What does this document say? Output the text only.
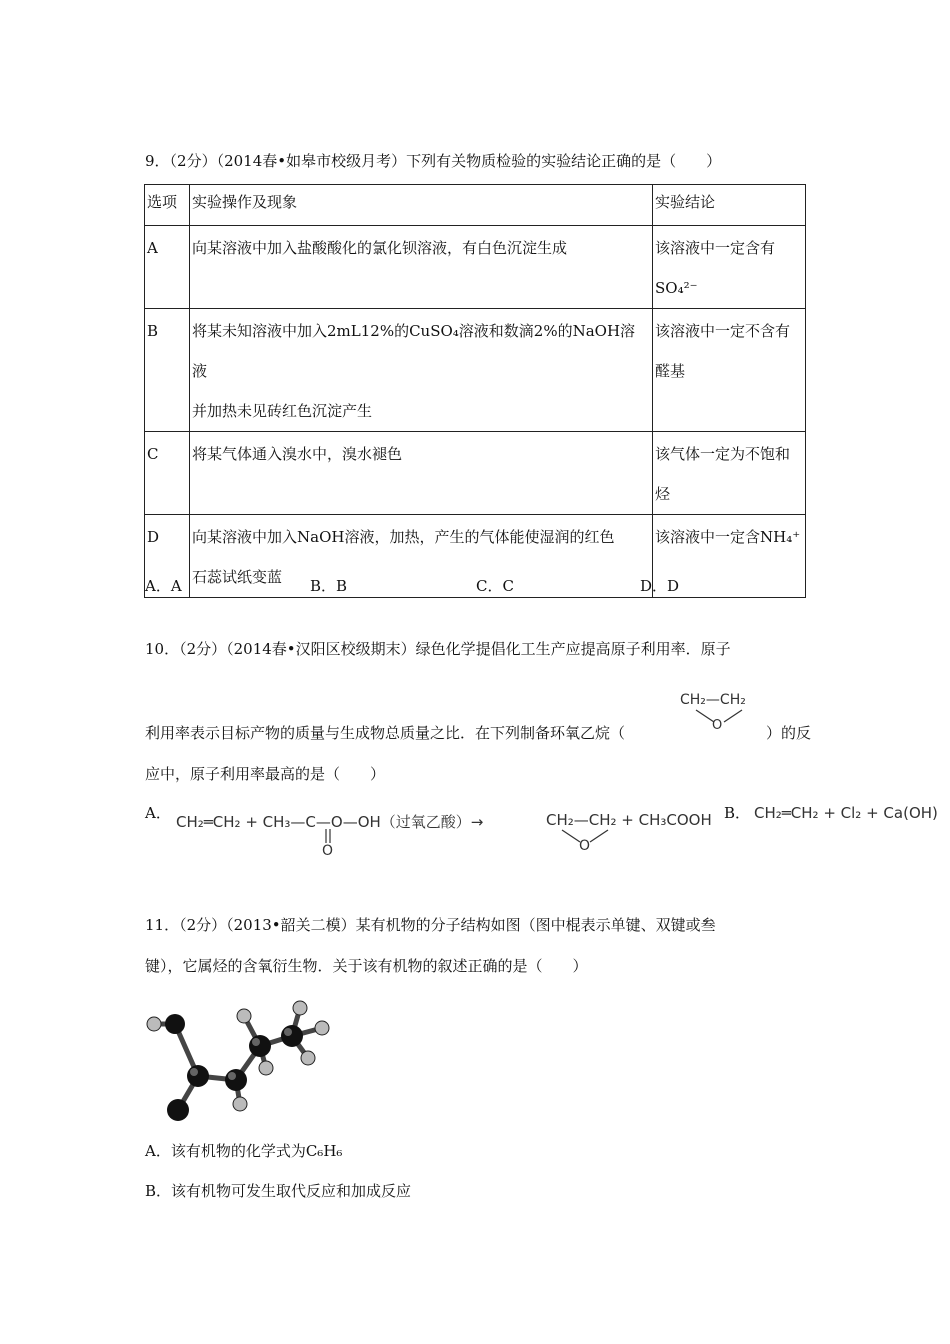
9．（2分）（2014春•如皋市校级月考）下列有关物质检验的实验结论正确的是（　　）
选项	实验操作及现象	实验结论
A	向某溶液中加入盐酸酸化的氯化钡溶液，有白色沉淀生成	该溶液中一定含有
SO₄²⁻

B	将某未知溶液中加入2mL12%的CuSO₄溶液和数滴2%的NaOH溶液
并加热未见砖红色沉淀产生	该溶液中一定不含有
醛基

C	将某气体通入溴水中，溴水褪色	该气体一定为不饱和
烃

D	向某溶液中加入NaOH溶液，加热，产生的气体能使湿润的红色
石蕊试纸变蓝	该溶液中一定含NH₄⁺
A．A	B．B	C．C	D．D
10．（2分）（2014春•汉阳区校级期末）绿色化学提倡化工生产应提高原子利用率．原子
CH₂—CH₂
O
利用率表示目标产物的质量与生成物总质量之比．在下列制备环氧乙烷（	）的反
应中，原子利用率最高的是（　　）
A． CH₂═CH₂ + CH₃—C—O—OH（过氧乙酸）→
O
CH₂—CH₂ + CH₃COOH
O
B． CH₂═CH₂ + Cl₂ + Ca(OH)
11．（2分）（2013•韶关二模）某有机物的分子结构如图（图中棍表示单键、双键或叁
键），它属烃的含氧衍生物．关于该有机物的叙述正确的是（　　）
A．该有机物的化学式为C₆H₆
B．该有机物可发生取代反应和加成反应
